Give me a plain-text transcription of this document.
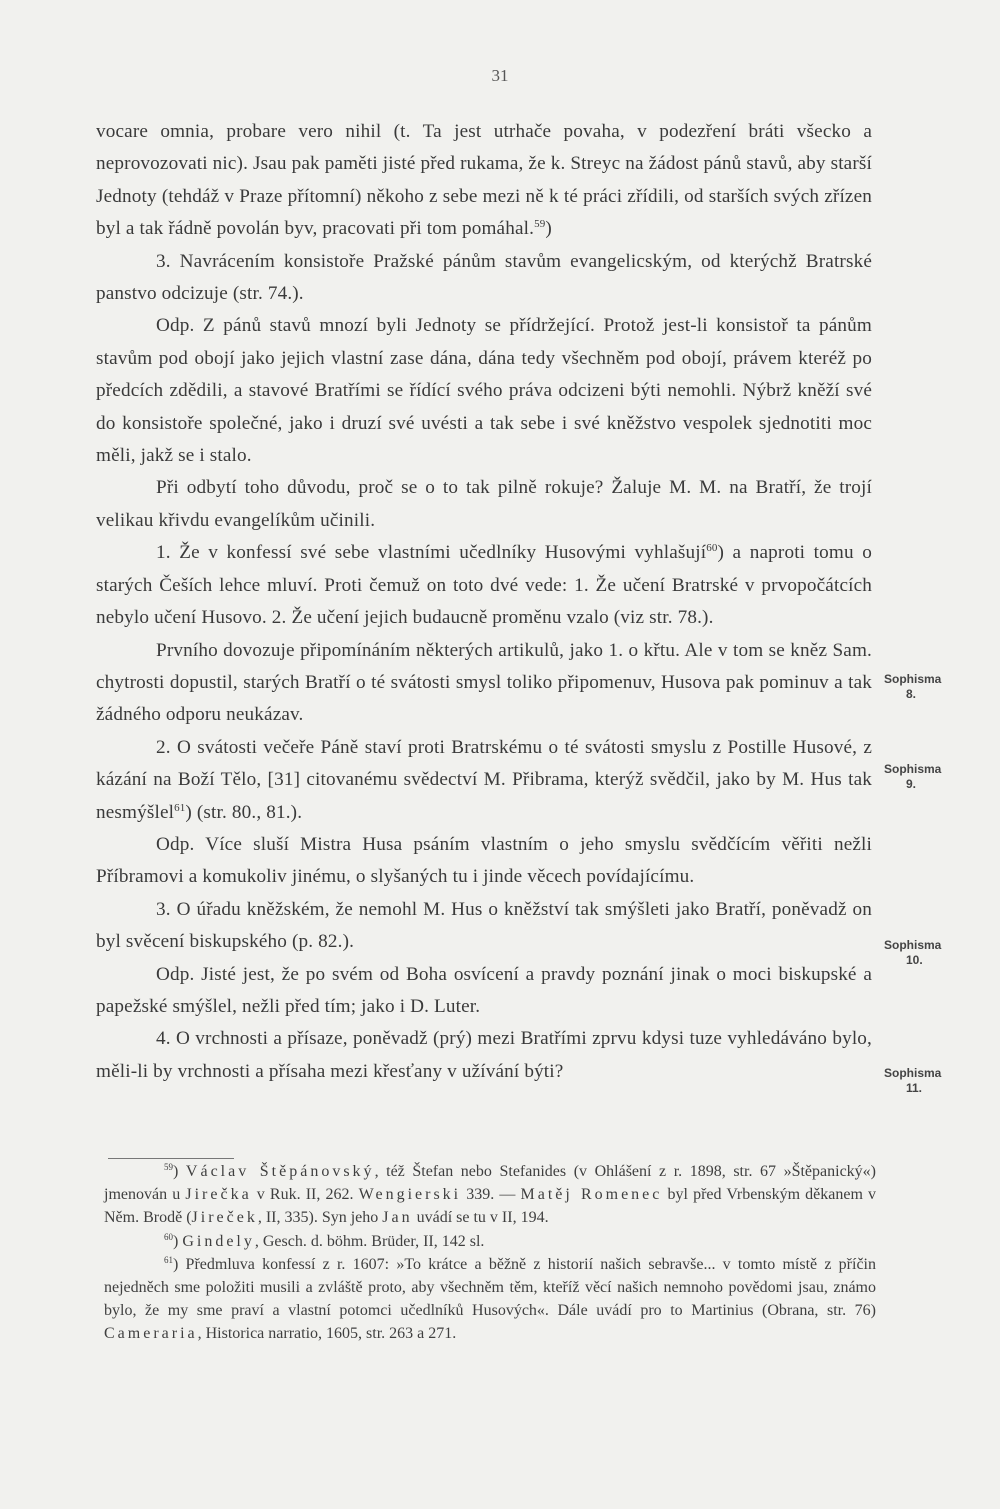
31

vocare omnia, probare vero nihil (t. Ta jest utrhače povaha, v podezření bráti všecko a neprovozovati nic). Jsau pak paměti jisté před rukama, že k. Streyc na žádost pánů stavů, aby starší Jednoty (tehdáž v Praze přítomní) někoho z sebe mezi ně k té práci zřídili, od starších svých zřízen byl a tak řádně povolán byv, pracovati při tom pomáhal.$^{59}$)

3. Navrácením konsistoře Pražské pánům stavům evangelicským, od kterýchž Bratrské panstvo odcizuje (str. 74.).

Odp. Z pánů stavů mnozí byli Jednoty se přídržející. Protož jest-li konsistoř ta pánům stavům pod obojí jako jejich vlastní zase dána, dána tedy všechněm pod obojí, právem kteréž po předcích zdědili, a stavové Bratřími se řídící svého práva odcizeni býti nemohli. Nýbrž kněží své do konsistoře společné, jako i druzí své uvésti a tak sebe i své kněžstvo vespolek sjednotiti moc měli, jakž se i stalo.

Při odbytí toho důvodu, proč se o to tak pilně rokuje? Žaluje M. M. na Bratří, že trojí velikau křivdu evangelíkům učinili.

1. Že v konfessí své sebe vlastními učedlníky Husovými vyhlašují$^{60}$) a naproti tomu o starých Češích lehce mluví. Proti čemuž on toto dvé vede: 1. Že učení Bratrské v prvopočátcích nebylo učení Husovo. 2. Že učení jejich budaucně proměnu vzalo (viz str. 78.).

Prvního dovozuje připomínáním některých artikulů, jako 1. o křtu. Ale v tom se kněz Sam. chytrosti dopustil, starých Bratří o té svátosti smysl toliko připomenuv, Husova pak pominuv a tak žádného odporu neukázav.

2. O svátosti večeře Páně staví proti Bratrskému o té svátosti smyslu z Postille Husové, z kázání na Boží Tělo, [31] citovanému svědectví M. Přibrama, kterýž svědčil, jako by M. Hus tak nesmýšlel$^{61}$) (str. 80., 81.).

Odp. Více sluší Mistra Husa psáním vlastním o jeho smyslu svědčícím věřiti nežli Příbramovi a komukoliv jinému, o slyšaných tu i jinde věcech povídajícímu.

3. O úřadu kněžském, že nemohl M. Hus o kněžství tak smýšleti jako Bratří, poněvadž on byl svěcení biskupského (p. 82.).

Odp. Jisté jest, že po svém od Boha osvícení a pravdy poznání jinak o moci biskupské a papežské smýšlel, nežli před tím; jako i D. Luter.

4. O vrchnosti a přísaze, poněvadž (prý) mezi Bratřími zprvu kdysi tuze vyhledáváno bylo, měli-li by vrchnosti a přísaha mezi křesťany v užívání býti?

Sophisma
8.
Sophisma
9.
Sophisma
10.
Sophisma
11.

$^{59}$) Václav Štěpánovský, též Štefan nebo Stefanides (v Ohlášení z r. 1898, str. 67 »Štěpanický«) jmenován u Jirečka v Ruk. II, 262. Wengierski 339. — Matěj Romenec byl před Vrbenským děkanem v Něm. Brodě (Jireček, II, 335). Syn jeho Jan uvádí se tu v II, 194.

$^{60}$) Gindely, Gesch. d. böhm. Brüder, II, 142 sl.

$^{61}$) Předmluva konfessí z r. 1607: »To krátce a běžně z historií našich sebravše... v tomto místě z příčin nejedněch sme položiti musili a zvláště proto, aby všechněm těm, kteříž věcí našich nemnoho povědomi jsau, známo bylo, že my sme praví a vlastní potomci učedlníků Husových«. Dále uvádí pro to Martinius (Obrana, str. 76) Cameraria, Historica narratio, 1605, str. 263 a 271.
